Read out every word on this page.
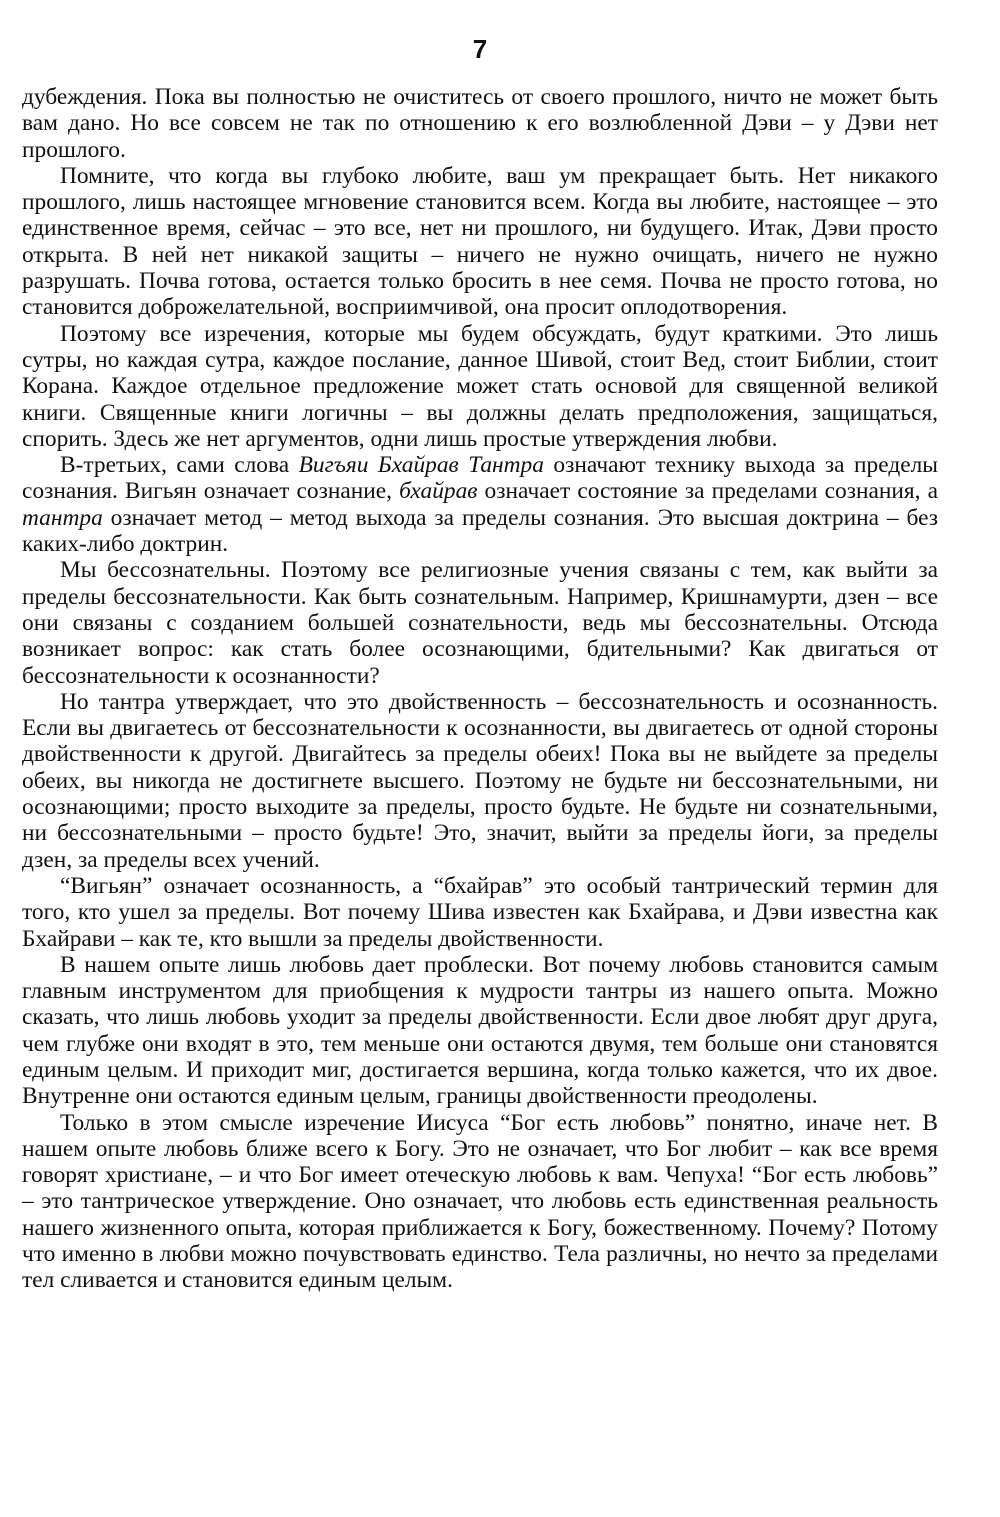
7

дубеждения. Пока вы полностью не очиститесь от своего прошлого, ничто не может быть вам дано. Но все совсем не так по отношению к его возлюбленной Дэви – у Дэви нет прошлого.

Помните, что когда вы глубоко любите, ваш ум прекращает быть. Нет никакого прошлого, лишь настоящее мгновение становится всем. Когда вы любите, настоящее – это единственное время, сейчас – это все, нет ни прошлого, ни будущего. Итак, Дэви просто открыта. В ней нет никакой защиты – ничего не нужно очищать, ничего не нужно разрушать. Почва готова, остается только бросить в нее семя. Почва не просто готова, но становится доброжелательной, восприимчивой, она просит оплодотворения.

Поэтому все изречения, которые мы будем обсуждать, будут краткими. Это лишь сутры, но каждая сутра, каждое послание, данное Шивой, стоит Вед, стоит Библии, стоит Корана. Каждое отдельное предложение может стать основой для священной великой книги. Священные книги логичны – вы должны делать предположения, защищаться, спорить. Здесь же нет аргументов, одни лишь простые утверждения любви.

В-третьих, сами слова Вигъяи Бхайрав Тантра означают технику выхода за пределы сознания. Вигьян означает сознание, бхайрав означает состояние за пределами сознания, а тантра означает метод – метод выхода за пределы сознания. Это высшая доктрина – без каких-либо доктрин.

Мы бессознательны. Поэтому все религиозные учения связаны с тем, как выйти за пределы бессознательности. Как быть сознательным. Например, Кришнамурти, дзен – все они связаны с созданием большей сознательности, ведь мы бессознательны. Отсюда возникает вопрос: как стать более осознающими, бдительными? Как двигаться от бессознательности к осознанности?

Но тантра утверждает, что это двойственность – бессознательность и осознанность. Если вы двигаетесь от бессознательности к осознанности, вы двигаетесь от одной стороны двойственности к другой. Двигайтесь за пределы обеих! Пока вы не выйдете за пределы обеих, вы никогда не достигнете высшего. Поэтому не будьте ни бессознательными, ни осознающими; просто выходите за пределы, просто будьте. Не будьте ни сознательными, ни бессознательными – просто будьте! Это, значит, выйти за пределы йоги, за пределы дзен, за пределы всех учений.

“Вигьян” означает осознанность, а “бхайрав” это особый тантрический термин для того, кто ушел за пределы. Вот почему Шива известен как Бхайрава, и Дэви известна как Бхайрави – как те, кто вышли за пределы двойственности.

В нашем опыте лишь любовь дает проблески. Вот почему любовь становится самым главным инструментом для приобщения к мудрости тантры из нашего опыта. Можно сказать, что лишь любовь уходит за пределы двойственности. Если двое любят друг друга, чем глубже они входят в это, тем меньше они остаются двумя, тем больше они становятся единым целым. И приходит миг, достигается вершина, когда только кажется, что их двое. Внутренне они остаются единым целым, границы двойственности преодолены.

Только в этом смысле изречение Иисуса “Бог есть любовь” понятно, иначе нет. В нашем опыте любовь ближе всего к Богу. Это не означает, что Бог любит – как все время говорят христиане, – и что Бог имеет отеческую любовь к вам. Чепуха! “Бог есть любовь” – это тантрическое утверждение. Оно означает, что любовь есть единственная реальность нашего жизненного опыта, которая приближается к Богу, божественному. Почему? Потому что именно в любви можно почувствовать единство. Тела различны, но нечто за пределами тел сливается и становится единым целым.
